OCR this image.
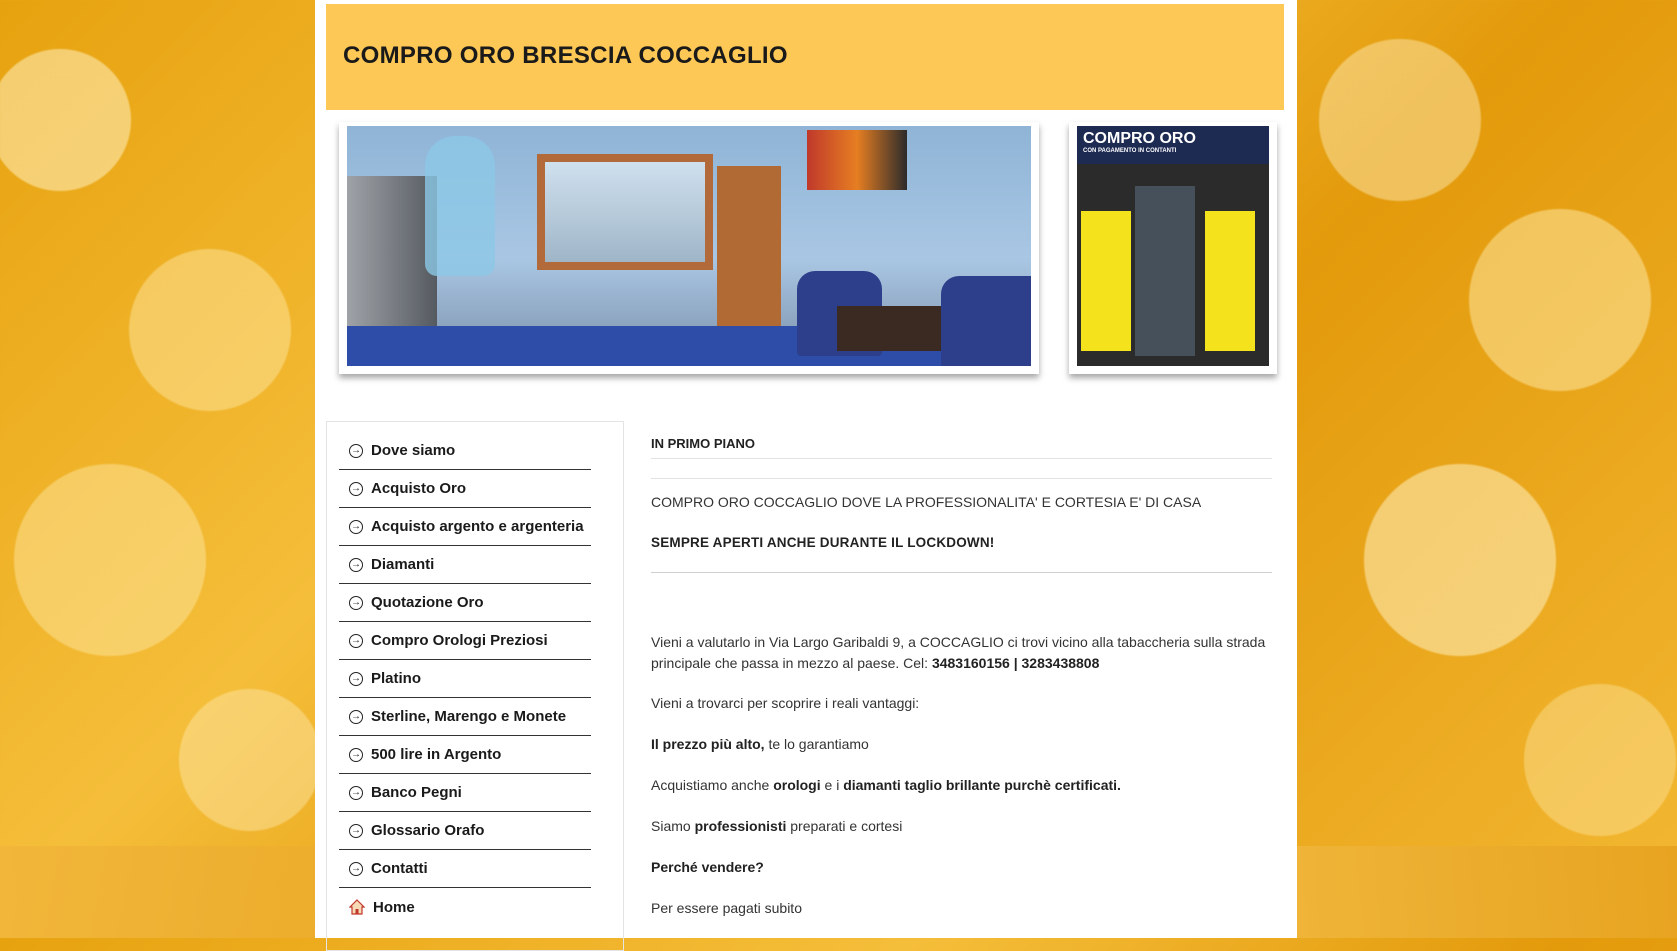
COMPRO ORO BRESCIA COCCAGLIO
COMPRO ORO
CON PAGAMENTO IN CONTANTI
→ Dove siamo
→ Acquisto Oro
→ Acquisto argento e argenteria
→ Diamanti
→ Quotazione Oro
→ Compro Orologi Preziosi
→ Platino
→ Sterline, Marengo e Monete
→ 500 lire in Argento
→ Banco Pegni
→ Glossario Orafo
→ Contatti
Home
IN PRIMO PIANO

COMPRO ORO COCCAGLIO DOVE LA PROFESSIONALITA' E CORTESIA E' DI CASA

SEMPRE APERTI ANCHE DURANTE IL LOCKDOWN!

Vieni a valutarlo in Via Largo Garibaldi 9, a COCCAGLIO ci trovi vicino alla tabaccheria sulla strada principale che passa in mezzo al paese. Cel: 3483160156 | 3283438808

Vieni a trovarci per scoprire i reali vantaggi:

Il prezzo più alto, te lo garantiamo

Acquistiamo anche orologi e i diamanti taglio brillante purchè certificati.

Siamo professionisti preparati e cortesi

Perché vendere?

Per essere pagati subito
